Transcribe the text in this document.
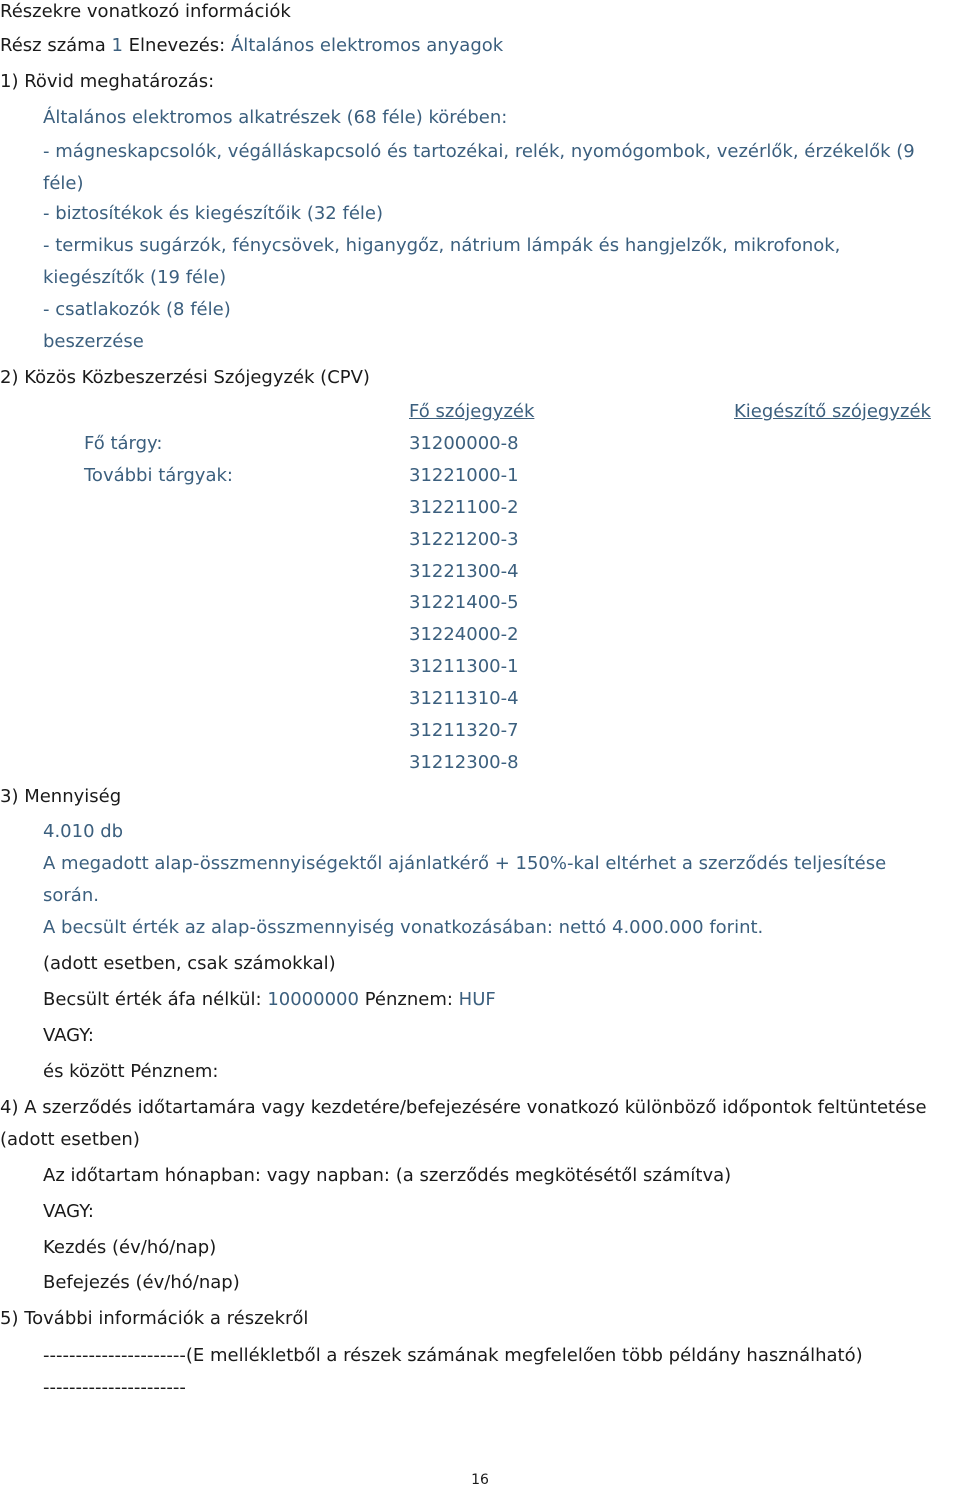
Részekre vonatkozó információk
Rész száma 1 Elnevezés: Általános elektromos anyagok
1) Rövid meghatározás:
Általános elektromos alkatrészek (68 féle) körében:
- mágneskapcsolók, végálláskapcsoló és tartozékai, relék, nyomógombok, vezérlők, érzékelők (9
féle)
- biztosítékok és kiegészítőik (32 féle)
- termikus sugárzók, fénycsövek, higanygőz, nátrium lámpák és hangjelzők, mikrofonok,
kiegészítők (19 féle)
- csatlakozók (8 féle)
beszerzése
2) Közös Közbeszerzési Szójegyzék (CPV)
Fő szójegyzék	Kiegészítő szójegyzék
Fő tárgy:	31200000-8
További tárgyak:	31221000-1
31221100-2
31221200-3
31221300-4
31221400-5
31224000-2
31211300-1
31211310-4
31211320-7
31212300-8
3) Mennyiség
4.010 db
A megadott alap-összmennyiségektől ajánlatkérő + 150%-kal eltérhet a szerződés teljesítése
során.
A becsült érték az alap-összmennyiség vonatkozásában: nettó 4.000.000 forint.
(adott esetben, csak számokkal)
Becsült érték áfa nélkül: 10000000 Pénznem: HUF
VAGY:
és között Pénznem:
4) A szerződés időtartamára vagy kezdetére/befejezésére vonatkozó különböző időpontok feltüntetése
(adott esetben)
Az időtartam hónapban: vagy napban: (a szerződés megkötésétől számítva)
VAGY:
Kezdés (év/hó/nap)
Befejezés (év/hó/nap)
5) További információk a részekről
----------------------(E mellékletből a részek számának megfelelően több példány használható)
----------------------
16
